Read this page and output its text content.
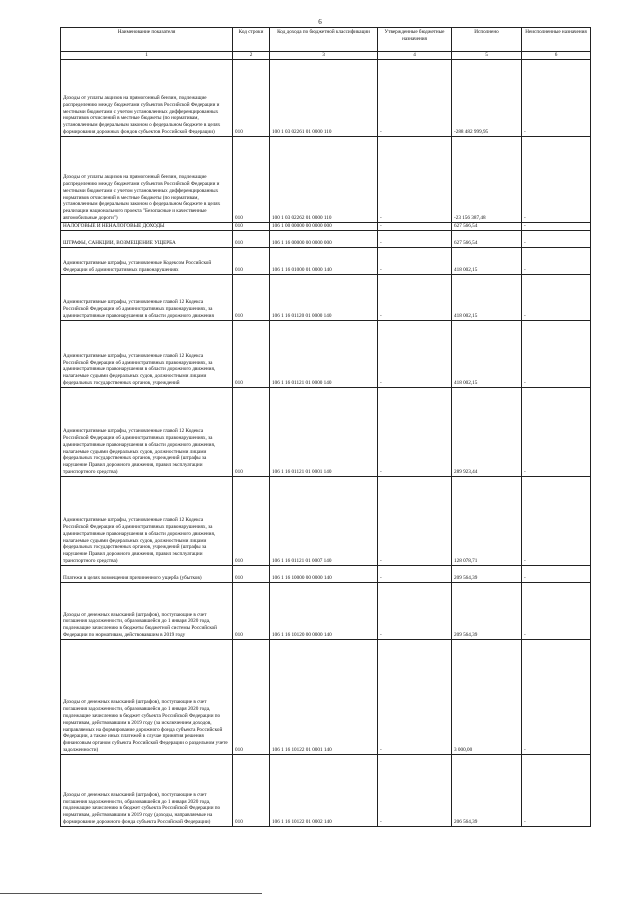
6
Наименование показателя	Код строки	Код дохода по бюджетной классификации	Утвержденные бюджетные назначения	Исполнено	Неисполненные назначения
1	2	3	4	5	6
Доходы от уплаты акцизов на прямогонный бензин, подлежащие распределению между бюджетами субъектов Российской Федерации и местными бюджетами с учетом установленных дифференцированных нормативов отчислений в местные бюджеты (по нормативам, установленным федеральным законом о федеральном бюджете в целях формирования дорожных фондов субъектов Российской Федерации)	010	100 1 03 02261 01 0000 110	-	-288 482 999,95	-
Доходы от уплаты акцизов на прямогонный бензин, подлежащие распределению между бюджетами субъектов Российской Федерации и местными бюджетами с учетом установленных дифференцированных нормативов отчислений в местные бюджеты (по нормативам, установленным федеральным законом о федеральном бюджете в целях реализации национального проекта "Безопасные и качественные автомобильные дороги")	010	100 1 03 02262 01 0000 110	-	-23 156 387,48	-
НАЛОГОВЫЕ И НЕНАЛОГОВЫЕ ДОХОДЫ	010	106 1 00 00000 00 0000 000	-	627 566,54	-
ШТРАФЫ, САНКЦИИ, ВОЗМЕЩЕНИЕ УЩЕРБА	010	106 1 16 00000 00 0000 000	-	627 566,54	-
Административные штрафы, установленные Кодексом Российской Федерации об административных правонарушениях	010	106 1 16 01000 01 0000 140	-	418 002,15	-
Административные штрафы, установленные главой 12 Кодекса Российской Федерации об административных правонарушениях, за административные правонарушения в области дорожного движения	010	106 1 16 01120 01 0000 140	-	418 002,15	-
Административные штрафы, установленные главой 12 Кодекса Российской Федерации об административных правонарушениях, за административные правонарушения в области дорожного движения, налагаемые судьями федеральных судов, должностными лицами федеральных государственных органов, учреждений	010	106 1 16 01121 01 0000 140	-	418 002,15	-
Административные штрафы, установленные главой 12 Кодекса Российской Федерации об административных правонарушениях, за административные правонарушения в области дорожного движения, налагаемые судьями федеральных судов, должностными лицами федеральных государственных органов, учреждений (штрафы за нарушение Правил дорожного движения, правил эксплуатации транспортного средства)	010	106 1 16 01121 01 0001 140	-	289 923,44	-
Административные штрафы, установленные главой 12 Кодекса Российской Федерации об административных правонарушениях, за административные правонарушения в области дорожного движения, налагаемые судьями федеральных судов, должностными лицами федеральных государственных органов, учреждений (штрафы за нарушение Правил дорожного движения, правил эксплуатации транспортного средства)	010	106 1 16 01121 01 0007 140	-	128 078,71	-
Платежи в целях возмещения причиненного ущерба (убытков)	010	106 1 16 10000 00 0000 140	-	209 564,39	-
Доходы от денежных взысканий (штрафов), поступающие в счет погашения задолженности, образовавшейся до 1 января 2020 года, подлежащие зачислению в бюджеты бюджетной системы Российской Федерации по нормативам, действовавшим в 2019 году	010	106 1 16 10120 00 0000 140	-	209 564,39	-
Доходы от денежных взысканий (штрафов), поступающие в счет погашения задолженности, образовавшейся до 1 января 2020 года, подлежащие зачислению в бюджет субъекта Российской Федерации по нормативам, действовавшим в 2019 году (за исключением доходов, направляемых на формирование дорожного фонда субъекта Российской Федерации, а также иных платежей в случае принятия решения финансовым органом субъекта Российской Федерации о раздельном учете задолженности)	010	106 1 16 10122 01 0001 140	-	3 000,00	-
Доходы от денежных взысканий (штрафов), поступающие в счет погашения задолженности, образовавшейся до 1 января 2020 года, подлежащие зачислению в бюджет субъекта Российской Федерации по нормативам, действовавшим в 2019 году (доходы, направляемые на формирование дорожного фонда субъекта Российской Федерации)	010	106 1 16 10122 01 0002 140	-	206 564,39	-
